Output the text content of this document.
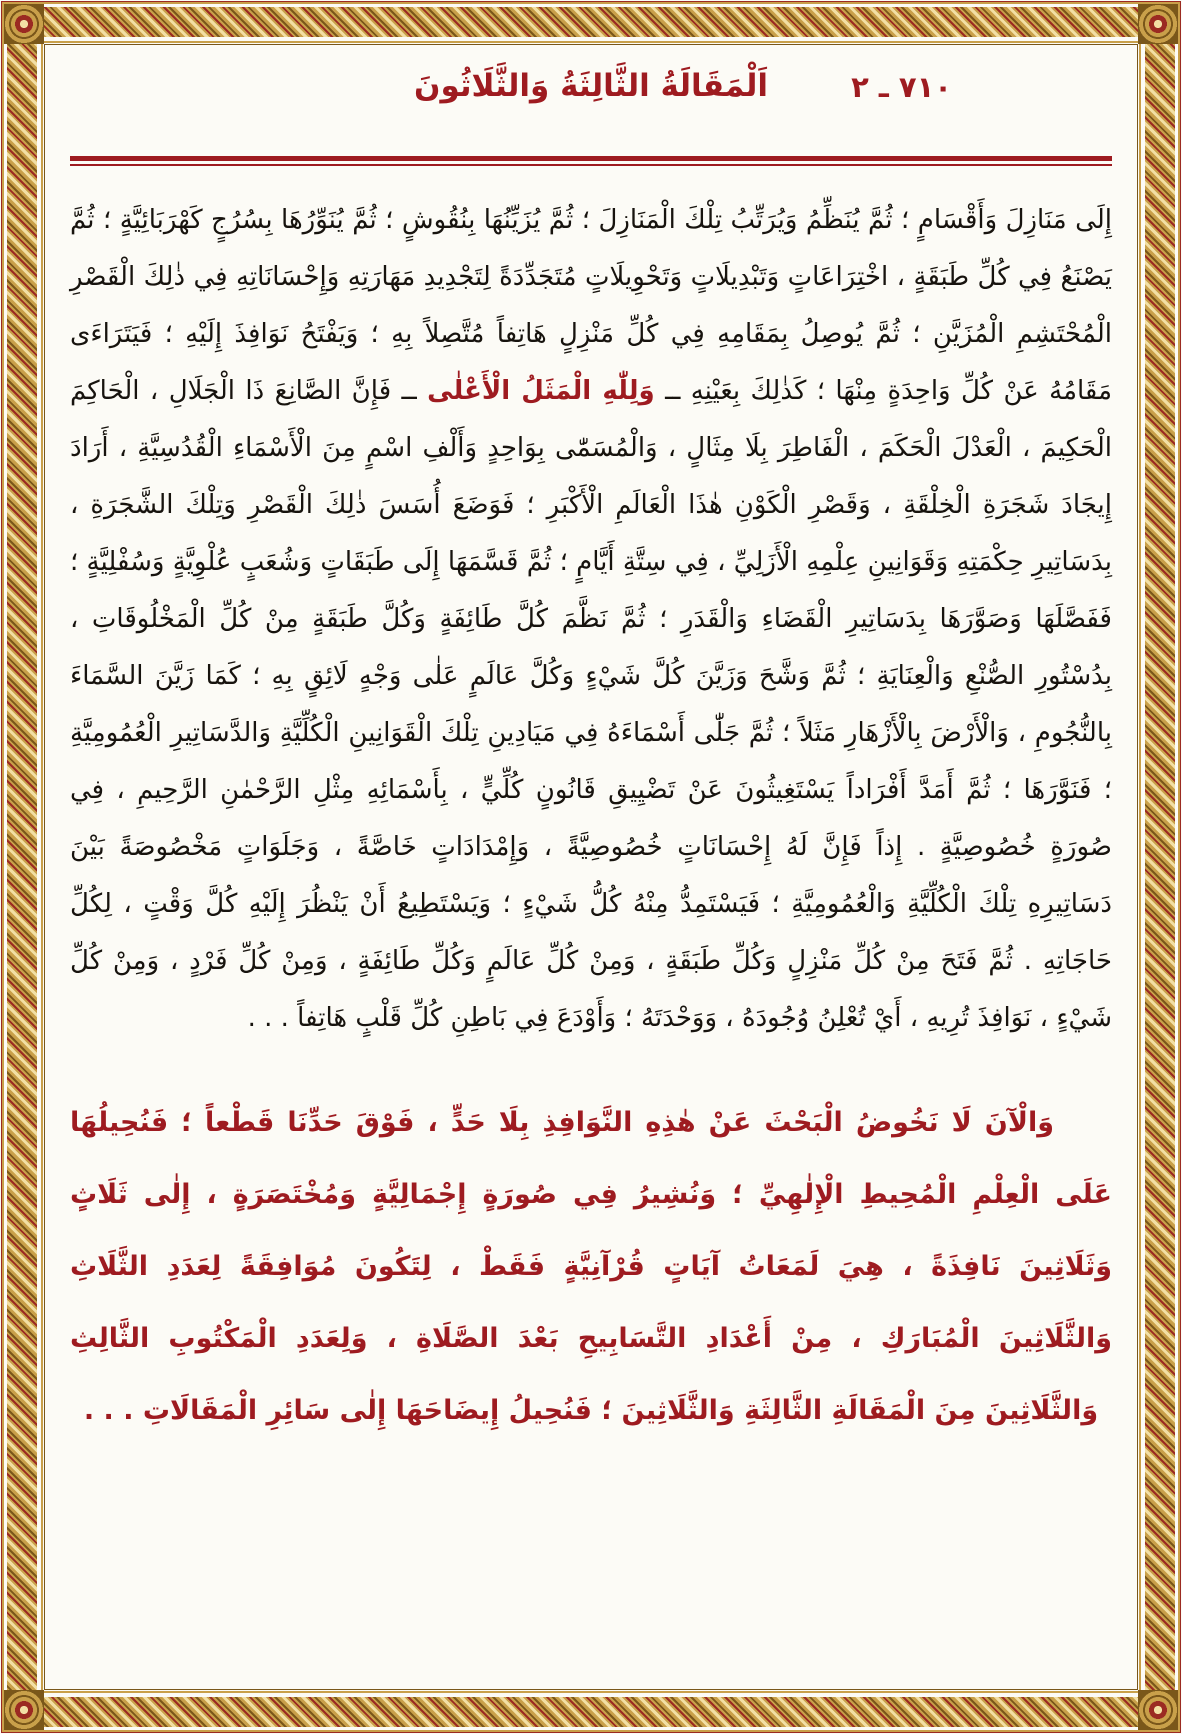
٧١٠ ـ ٢
اَلْمَقَالَةُ الثَّالِثَةُ وَالثَّلَاثُونَ

إِلَى مَنَازِلَ وَأَقْسَامٍ ؛ ثُمَّ يُنَظِّمُ وَيُرَتِّبُ تِلْكَ الْمَنَازِلَ ؛ ثُمَّ يُزَيِّنُهَا بِنُقُوشٍ ؛ ثُمَّ يُنَوِّرُهَا بِسُرُجٍ كَهْرَبَائِيَّةٍ ؛ ثُمَّ يَصْنَعُ فِي كُلِّ طَبَقَةٍ ، اخْتِرَاعَاتٍ وَتَبْدِيلَاتٍ وَتَحْوِيلَاتٍ مُتَجَدِّدَةً لِتَجْدِيدِ مَهَارَتِهِ وَإِحْسَانَاتِهِ فِي ذٰلِكَ الْقَصْرِ الْمُحْتَشِمِ الْمُزَيَّنِ ؛ ثُمَّ يُوصِلُ بِمَقَامِهِ فِي كُلِّ مَنْزِلٍ هَاتِفاً مُتَّصِلاً بِهِ ؛ وَيَفْتَحُ نَوَافِذَ إِلَيْهِ ؛ فَيَتَرَاءَى مَقَامُهُ عَنْ كُلِّ وَاحِدَةٍ مِنْهَا ؛ كَذٰلِكَ بِعَيْنِهِ ــ وَلِلّٰهِ الْمَثَلُ الْأَعْلٰى ــ فَإِنَّ الصَّانِعَ ذَا الْجَلَالِ ، الْحَاكِمَ الْحَكِيمَ ، الْعَدْلَ الْحَكَمَ ، الْفَاطِرَ بِلَا مِثَالٍ ، وَالْمُسَمّٰى بِوَاحِدٍ وَأَلْفِ اسْمٍ مِنَ الْأَسْمَاءِ الْقُدُسِيَّةِ ، أَرَادَ إِيجَادَ شَجَرَةِ الْخِلْقَةِ ، وَقَصْرِ الْكَوْنِ هٰذَا الْعَالَمِ الْأَكْبَرِ ؛ فَوَضَعَ أُسَسَ ذٰلِكَ الْقَصْرِ وَتِلْكَ الشَّجَرَةِ ، بِدَسَاتِيرِ حِكْمَتِهِ وَقَوَانِينِ عِلْمِهِ الْأَزَلِيِّ ، فِي سِتَّةِ أَيَّامٍ ؛ ثُمَّ قَسَّمَهَا إِلَى طَبَقَاتٍ وَشُعَبٍ عُلْوِيَّةٍ وَسُفْلِيَّةٍ ؛ فَفَصَّلَهَا وَصَوَّرَهَا بِدَسَاتِيرِ الْقَضَاءِ وَالْقَدَرِ ؛ ثُمَّ نَظَّمَ كُلَّ طَائِفَةٍ وَكُلَّ طَبَقَةٍ مِنْ كُلِّ الْمَخْلُوقَاتِ ، بِدُسْتُورِ الصُّنْعِ وَالْعِنَايَةِ ؛ ثُمَّ وَشَّحَ وَزَيَّنَ كُلَّ شَيْءٍ وَكُلَّ عَالَمٍ عَلٰى وَجْهٍ لَائِقٍ بِهِ ؛ كَمَا زَيَّنَ السَّمَاءَ بِالنُّجُومِ ، وَالْأَرْضَ بِالْأَزْهَارِ مَثَلاً ؛ ثُمَّ جَلّٰى أَسْمَاءَهُ فِي مَيَادِينِ تِلْكَ الْقَوَانِينِ الْكُلِّيَّةِ وَالدَّسَاتِيرِ الْعُمُومِيَّةِ ؛ فَنَوَّرَهَا ؛ ثُمَّ أَمَدَّ أَفْرَاداً يَسْتَغِيثُونَ عَنْ تَضْيِيقِ قَانُونٍ كُلِّيٍّ ، بِأَسْمَائِهِ مِثْلِ الرَّحْمٰنِ الرَّحِيمِ ، فِي صُورَةٍ خُصُوصِيَّةٍ . إِذاً فَإِنَّ لَهُ إِحْسَانَاتٍ خُصُوصِيَّةً ، وَإِمْدَادَاتٍ خَاصَّةً ، وَجَلَوَاتٍ مَخْصُوصَةً بَيْنَ دَسَاتِيرِهِ تِلْكَ الْكُلِّيَّةِ وَالْعُمُومِيَّةِ ؛ فَيَسْتَمِدُّ مِنْهُ كُلُّ شَيْءٍ ؛ وَيَسْتَطِيعُ أَنْ يَنْظُرَ إِلَيْهِ كُلَّ وَقْتٍ ، لِكُلِّ حَاجَاتِهِ . ثُمَّ فَتَحَ مِنْ كُلِّ مَنْزِلٍ وَكُلِّ طَبَقَةٍ ، وَمِنْ كُلِّ عَالَمٍ وَكُلِّ طَائِفَةٍ ، وَمِنْ كُلِّ فَرْدٍ ، وَمِنْ كُلِّ شَيْءٍ ، نَوَافِذَ تُرِيهِ ، أَيْ تُعْلِنُ وُجُودَهُ ، وَوَحْدَتَهُ ؛ وَأَوْدَعَ فِي بَاطِنِ كُلِّ قَلْبٍ هَاتِفاً . . .

وَالْآنَ لَا نَخُوضُ الْبَحْثَ عَنْ هٰذِهِ النَّوَافِذِ بِلَا حَدٍّ ، فَوْقَ حَدِّنَا قَطْعاً ؛ فَنُحِيلُهَا عَلَى الْعِلْمِ الْمُحِيطِ الْإِلٰهِيِّ ؛ وَنُشِيرُ فِي صُورَةٍ إِجْمَالِيَّةٍ وَمُخْتَصَرَةٍ ، إِلٰى ثَلَاثٍ وَثَلَاثِينَ نَافِذَةً ، هِيَ لَمَعَاتُ آيَاتٍ قُرْآنِيَّةٍ فَقَطْ ، لِتَكُونَ مُوَافِقَةً لِعَدَدِ الثَّلَاثِ وَالثَّلَاثِينَ الْمُبَارَكِ ، مِنْ أَعْدَادِ التَّسَابِيحِ بَعْدَ الصَّلَاةِ ، وَلِعَدَدِ الْمَكْتُوبِ الثَّالِثِ وَالثَّلَاثِينَ مِنَ الْمَقَالَةِ الثَّالِثَةِ وَالثَّلَاثِينَ ؛ فَنُحِيلُ إِيضَاحَهَا إِلٰى سَائِرِ الْمَقَالَاتِ . . .
